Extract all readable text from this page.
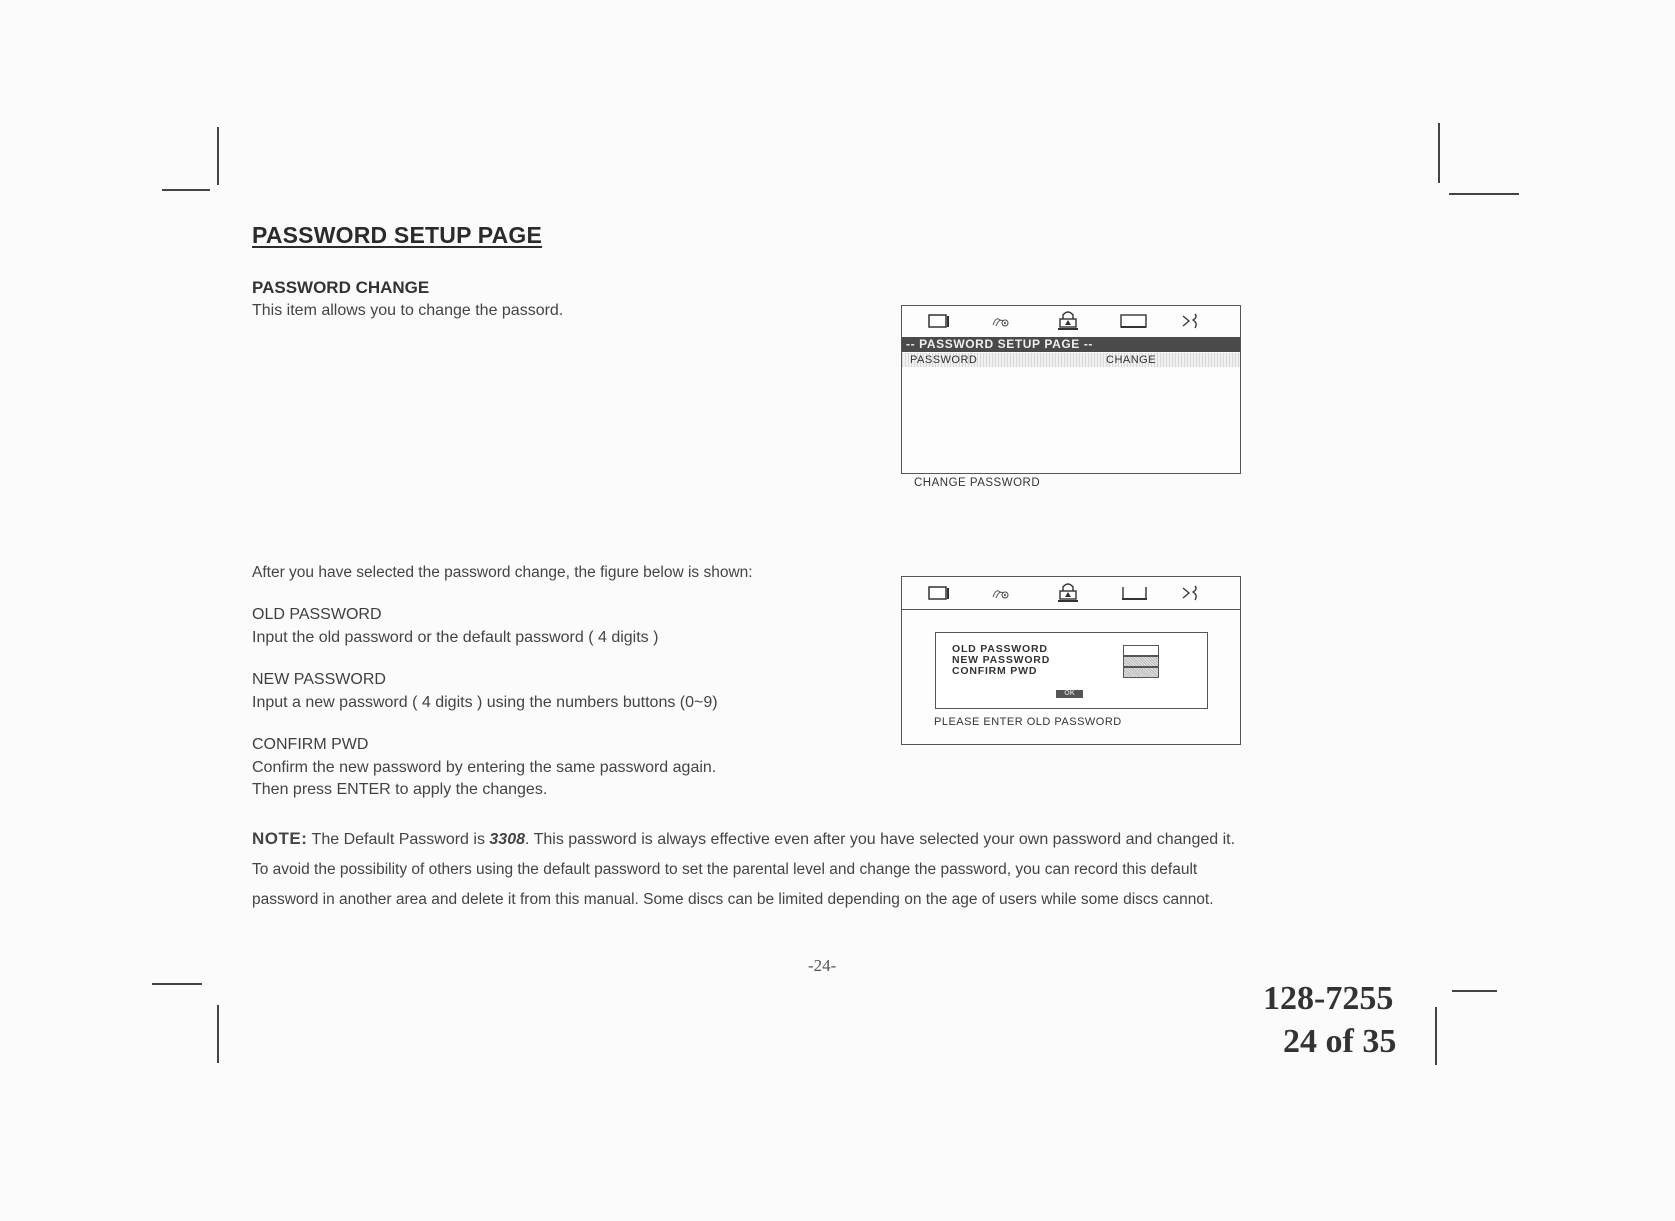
PASSWORD SETUP PAGE
PASSWORD CHANGE
This item allows you to change the passord.
-- PASSWORD SETUP PAGE --
PASSWORD	CHANGE
CHANGE PASSWORD
After you have selected the password change, the figure below is shown:
OLD PASSWORD
Input the old password or the default password ( 4 digits )
NEW PASSWORD
Input a new password ( 4 digits ) using the numbers buttons (0~9)
CONFIRM PWD
Confirm the new password by entering the same password again.
Then press ENTER to apply the changes.
OLD PASSWORD
NEW PASSWORD
CONFIRM PWD
OK
PLEASE ENTER OLD PASSWORD
NOTE: The Default Password is 3308. This password is always effective even after you have selected your own password and changed it.
To avoid the possibility of others using the default password to set the parental level and change the password, you can record this default
password in another area and delete it from this manual. Some discs can be limited depending on the age of users while some discs cannot.
-24-
128-7255
24 of 35
